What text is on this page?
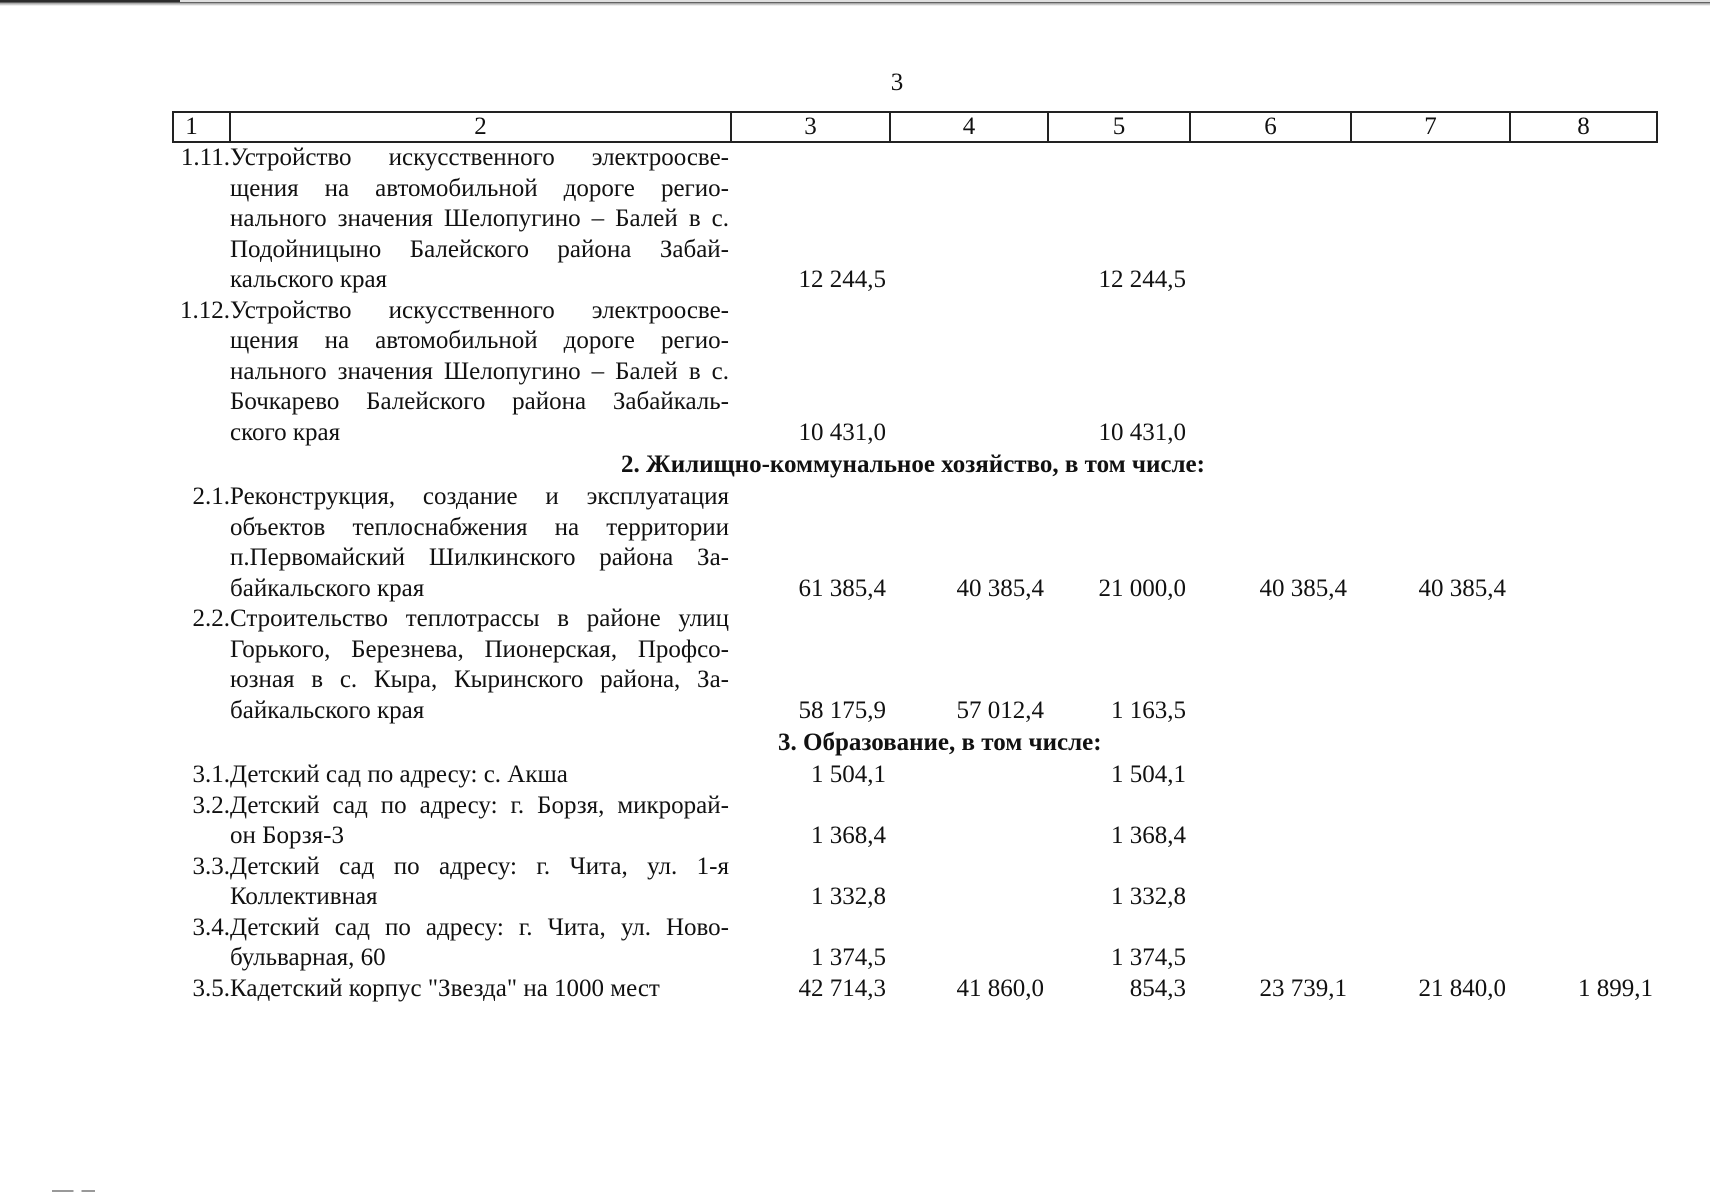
3
1	2	3	4	5	6	7	8
1.11.	Устройство искусственного электроосве-
щения на автомобильной дороге регио-
нального значения Шелопугино – Балей в с.
Подойницыно Балейского района Забай-
кальского края	12 244,5		12 244,5			
1.12.	Устройство искусственного электроосве-
щения на автомобильной дороге регио-
нального значения Шелопугино – Балей в с.
Бочкарево Балейского района Забайкаль-
ского края	10 431,0		10 431,0			

	2. Жилищно-коммунальное хозяйство, в том числе:						

2.1.	Реконструкция, создание и эксплуатация
объектов теплоснабжения на территории
п.Первомайский Шилкинского района За-
байкальского края	61 385,4	40 385,4	21 000,0	40 385,4	40 385,4	
2.2.	Строительство теплотрассы в районе улиц
Горького, Березнева, Пионерская, Профсо-
юзная в с. Кыра, Кыринского района, За-
байкальского края	58 175,9	57 012,4	1 163,5			

	3. Образование, в том числе:						

3.1.	Детский сад по адресу: с. Акша	1 504,1		1 504,1			
3.2.	Детский сад по адресу: г. Борзя, микрорай-
он Борзя-3	1 368,4		1 368,4			
3.3.	Детский сад по адресу: г. Чита, ул. 1-я
Коллективная	1 332,8		1 332,8			
3.4.	Детский сад по адресу: г. Чита, ул. Ново-
бульварная, 60	1 374,5		1 374,5			
3.5.	Кадетский корпус "Звезда" на 1000 мест	42 714,3	41 860,0	854,3	23 739,1	21 840,0	1 899,1
